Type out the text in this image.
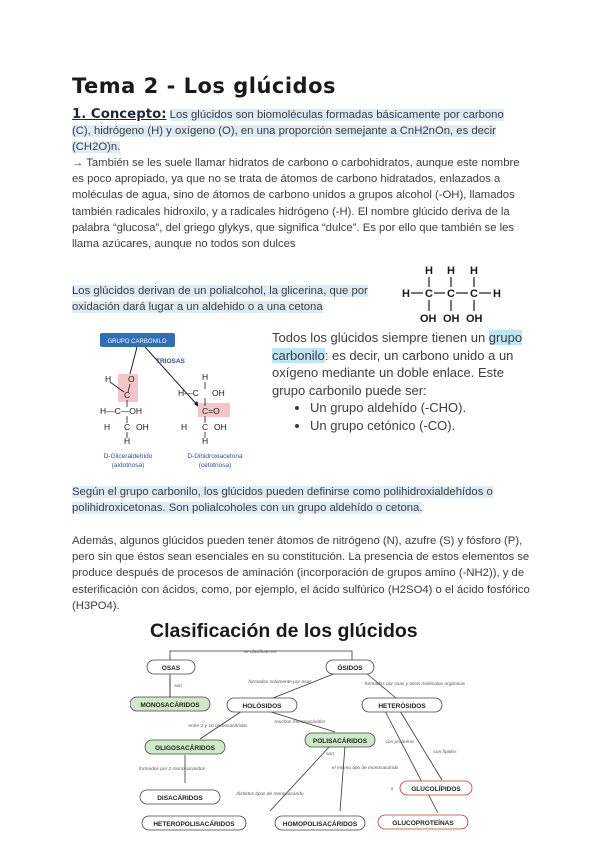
Tema 2 - Los glúcidos
1. Concepto: Los glúcidos son biomoléculas formadas básicamente por carbono (C), hidrógeno (H) y oxígeno (O), en una proporción semejante a CnH2nOn, es decir (CH2O)n.
→ También se les suele llamar hidratos de carbono o carbohidratos, aunque este nombre es poco apropiado, ya que no se trata de átomos de carbono hidratados, enlazados a moléculas de agua, sino de átomos de carbono unidos a grupos alcohol (-OH), llamados también radicales hidroxilo, y a radicales hidrógeno (-H). El nombre glúcido deriva de la palabra “glucosa”, del griego glykys, que significa “dulce”. Es por ello que también se les llama azúcares, aunque no todos son dulces
Los glúcidos derivan de un polialcohol, la glicerina, que por oxidación dará lugar a un aldehido o a una cetona
H H H
H C C C H
OH OH OH
GRUPO CARBONILO
TRIOSAS
H O
C
H—C—OH
H C OH
H
H
H—C OH
C=O
H C OH
H
D-Gliceraldehído
(aldotriosa)
D-Dihidroxiacetona
(cetotriosa)
Todos los glúcidos siempre tienen un grupo carbonilo: es decir, un carbono unido a un oxígeno mediante un doble enlace. Este grupo carbonilo puede ser:
• Un grupo aldehído (-CHO).
• Un grupo cetónico (-CO).
Según el grupo carbonilo, los glúcidos pueden definirse como polihidroxialdehídos o polihidroxicetonas. Son polialcoholes con un grupo aldehído o cetona.
Además, algunos glúcidos pueden tener átomos de nitrógeno (N), azufre (S) y fósforo (P), pero sin que éstos sean esenciales en su constitución. La presencia de estos elementos se produce después de procesos de aminación (incorporación de grupos amino (-NH2)), y de esterificación con ácidos, como, por ejemplo, el ácido sulfúrico (H2SO4) o el ácido fosfórico (H3PO4).
Clasificación de los glúcidos
OSAS	ÓSIDOS
MONOSACÁRIDOS	HOLÓSIDOS	HETERÓSIDOS
OLIGOSACÁRIDOS
POLISACÁRIDOS
DISACÁRIDOS
GLUCOLÍPIDOS
GLUCOPROTEÍNAS
HETEROPOLISACÁRIDOS	HOMOPOLISACÁRIDOS
se clasifican en
son
formados solamente por osas	formados por osas y otras moléculas orgánicas
entre 2 y 10 monosacáridos
muchos monosacáridos
formados por 2 monosacáridos	el mismo tipo de monosacárido
distintos tipos de monosacárido
con proteínas
con lípidos
o
son
